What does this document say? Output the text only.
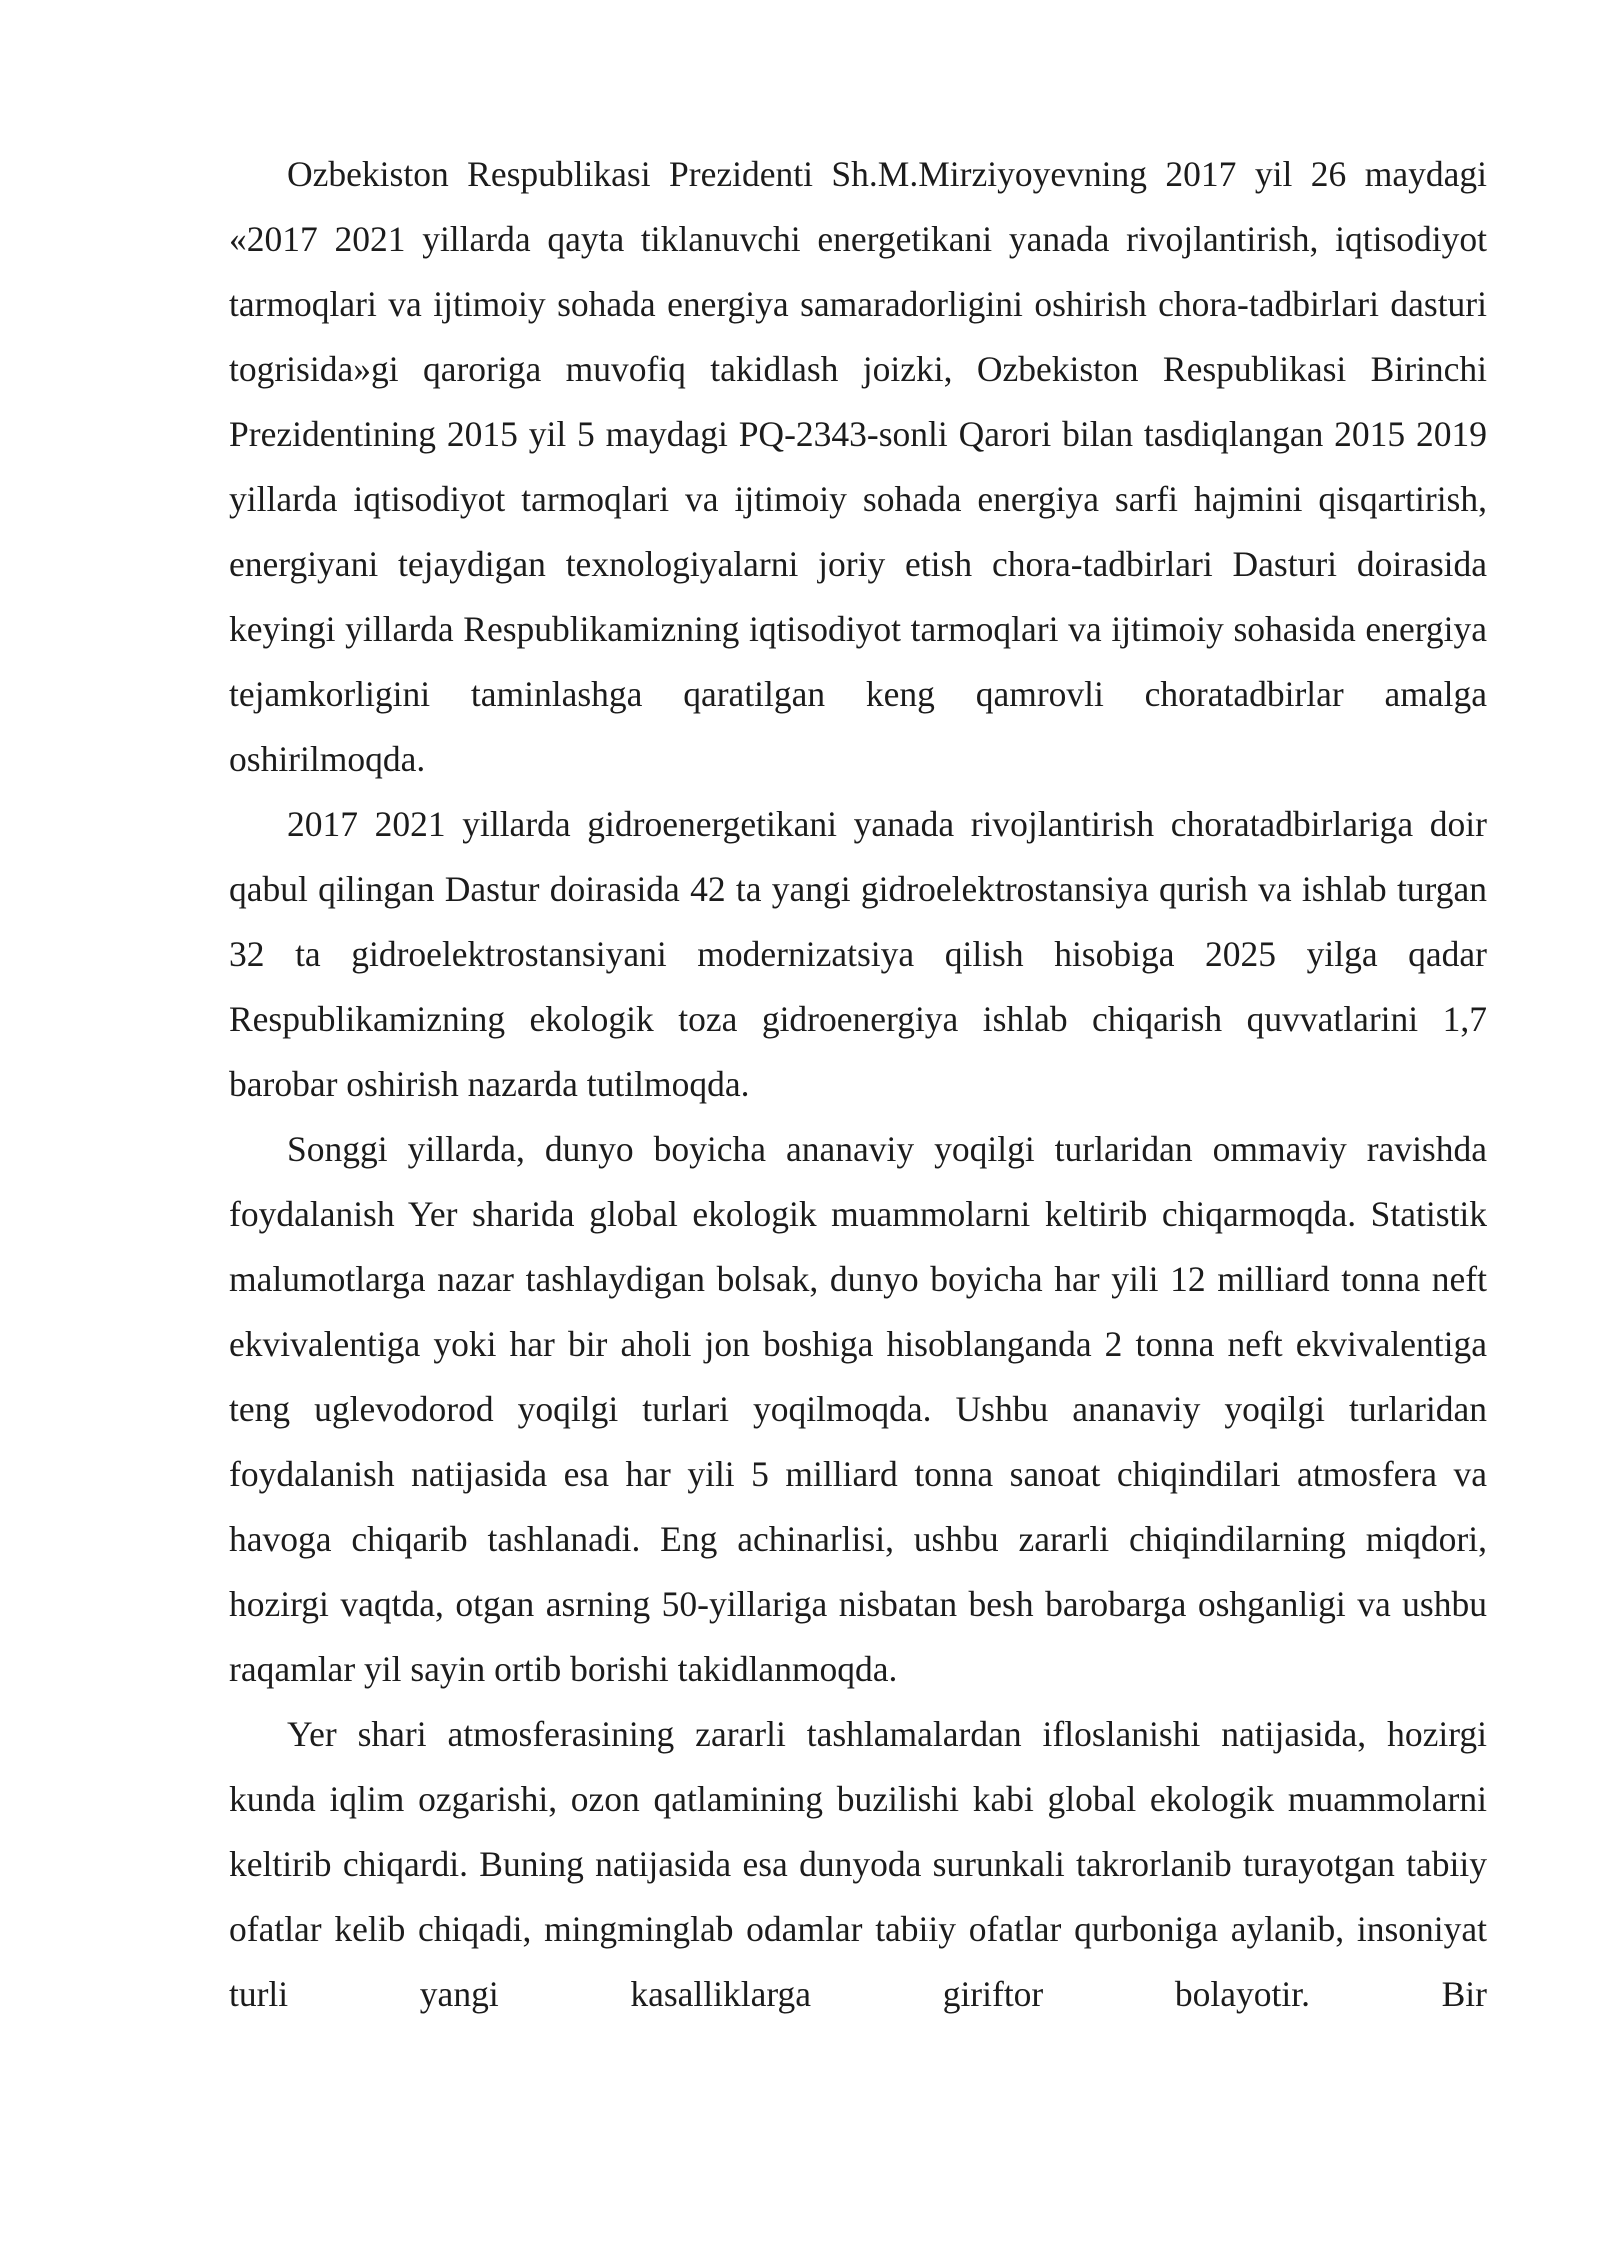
Ozbekiston Respublikasi Prezidenti Sh.M.Mirziyoyevning 2017 yil 26 maydagi «2017 2021 yillarda qayta tiklanuvchi energetikani yanada rivojlantirish, iqtisodiyot tarmoqlari va ijtimoiy sohada energiya samaradorligini oshirish chora-tadbirlari dasturi togrisida»gi qaroriga muvofiq takidlash joizki, Ozbekiston Respublikasi Birinchi Prezidentining 2015 yil 5 maydagi PQ-2343-sonli Qarori bilan tasdiqlangan 2015 2019 yillarda iqtisodiyot tarmoqlari va ijtimoiy sohada energiya sarfi hajmini qisqartirish, energiyani tejaydigan texnologiyalarni joriy etish chora-tadbirlari Dasturi doirasida keyingi yillarda Respublikamizning iqtisodiyot tarmoqlari va ijtimoiy sohasida energiya tejamkorligini taminlashga qaratilgan keng qamrovli choratadbirlar amalga oshirilmoqda.

2017 2021 yillarda gidroenergetikani yanada rivojlantirish choratadbirlariga doir qabul qilingan Dastur doirasida 42 ta yangi gidroelektrostansiya qurish va ishlab turgan 32 ta gidroelektrostansiyani modernizatsiya qilish hisobiga 2025 yilga qadar Respublikamizning ekologik toza gidroenergiya ishlab chiqarish quvvatlarini 1,7 barobar oshirish nazarda tutilmoqda.

Songgi yillarda, dunyo boyicha ananaviy yoqilgi turlaridan ommaviy ravishda foydalanish Yer sharida global ekologik muammolarni keltirib chiqarmoqda. Statistik malumotlarga nazar tashlaydigan bolsak, dunyo boyicha har yili 12 milliard tonna neft ekvivalentiga yoki har bir aholi jon boshiga hisoblanganda 2 tonna neft ekvivalentiga teng uglevodorod yoqilgi turlari yoqilmoqda. Ushbu ananaviy yoqilgi turlaridan foydalanish natijasida esa har yili 5 milliard tonna sanoat chiqindilari atmosfera va havoga chiqarib tashlanadi. Eng achinarlisi, ushbu zararli chiqindilarning miqdori, hozirgi vaqtda, otgan asrning 50-yillariga nisbatan besh barobarga oshganligi va ushbu raqamlar yil sayin ortib borishi takidlanmoqda.

Yer shari atmosferasining zararli tashlamalardan ifloslanishi natijasida, hozirgi kunda iqlim ozgarishi, ozon qatlamining buzilishi kabi global ekologik muammolarni keltirib chiqardi. Buning natijasida esa dunyoda surunkali takrorlanib turayotgan tabiiy ofatlar kelib chiqadi, mingminglab odamlar tabiiy ofatlar qurboniga aylanib, insoniyat turli yangi kasalliklarga giriftor bolayotir. Bir
